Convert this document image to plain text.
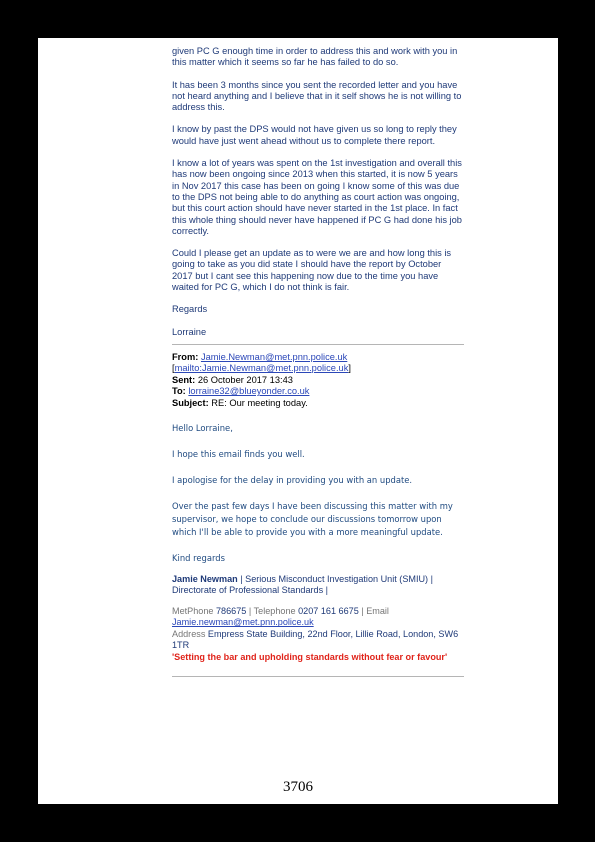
given PC G enough time in order to address this and work with you in this matter which it seems so far he has failed to do so.

It has been 3 months since you sent the recorded letter and you have not heard anything and I believe that in it self shows he is not willing to address this.

I know by past the DPS would not have given us so long to reply they would have just went ahead without us to complete there report.

I know a lot of years was spent on the 1st investigation and overall this has now been ongoing since 2013 when this started, it is now 5 years in Nov 2017 this case has been on going I know some of this was due to the DPS not being able to do anything as court action was ongoing, but this court action should have never started in the 1st place. In fact this whole thing should never have happened if PC G had done his job correctly.

Could I please get an update as to were we are and how long this is going to take as you did state I should have the report by October 2017 but I cant see this happening now due to the time you have waited for PC G, which I do not think is fair.

Regards

Lorraine

From: Jamie.Newman@met.pnn.police.uk
[mailto:Jamie.Newman@met.pnn.police.uk]
Sent: 26 October 2017 13:43
To: lorraine32@blueyonder.co.uk
Subject: RE: Our meeting today.

Hello Lorraine,

I hope this email finds you well.

I apologise for the delay in providing you with an update.

Over the past few days I have been discussing this matter with my supervisor, we hope to conclude our discussions tomorrow upon which I'll be able to provide you with a more meaningful update.

Kind regards

Jamie Newman | Serious Misconduct Investigation Unit (SMIU) | Directorate of Professional Standards |

MetPhone 786675 | Telephone 0207 161 6675 | Email
Jamie.newman@met.pnn.police.uk

Address Empress State Building, 22nd Floor, Lillie Road, London, SW6 1TR

'Setting the bar and upholding standards without fear or favour'

3706
